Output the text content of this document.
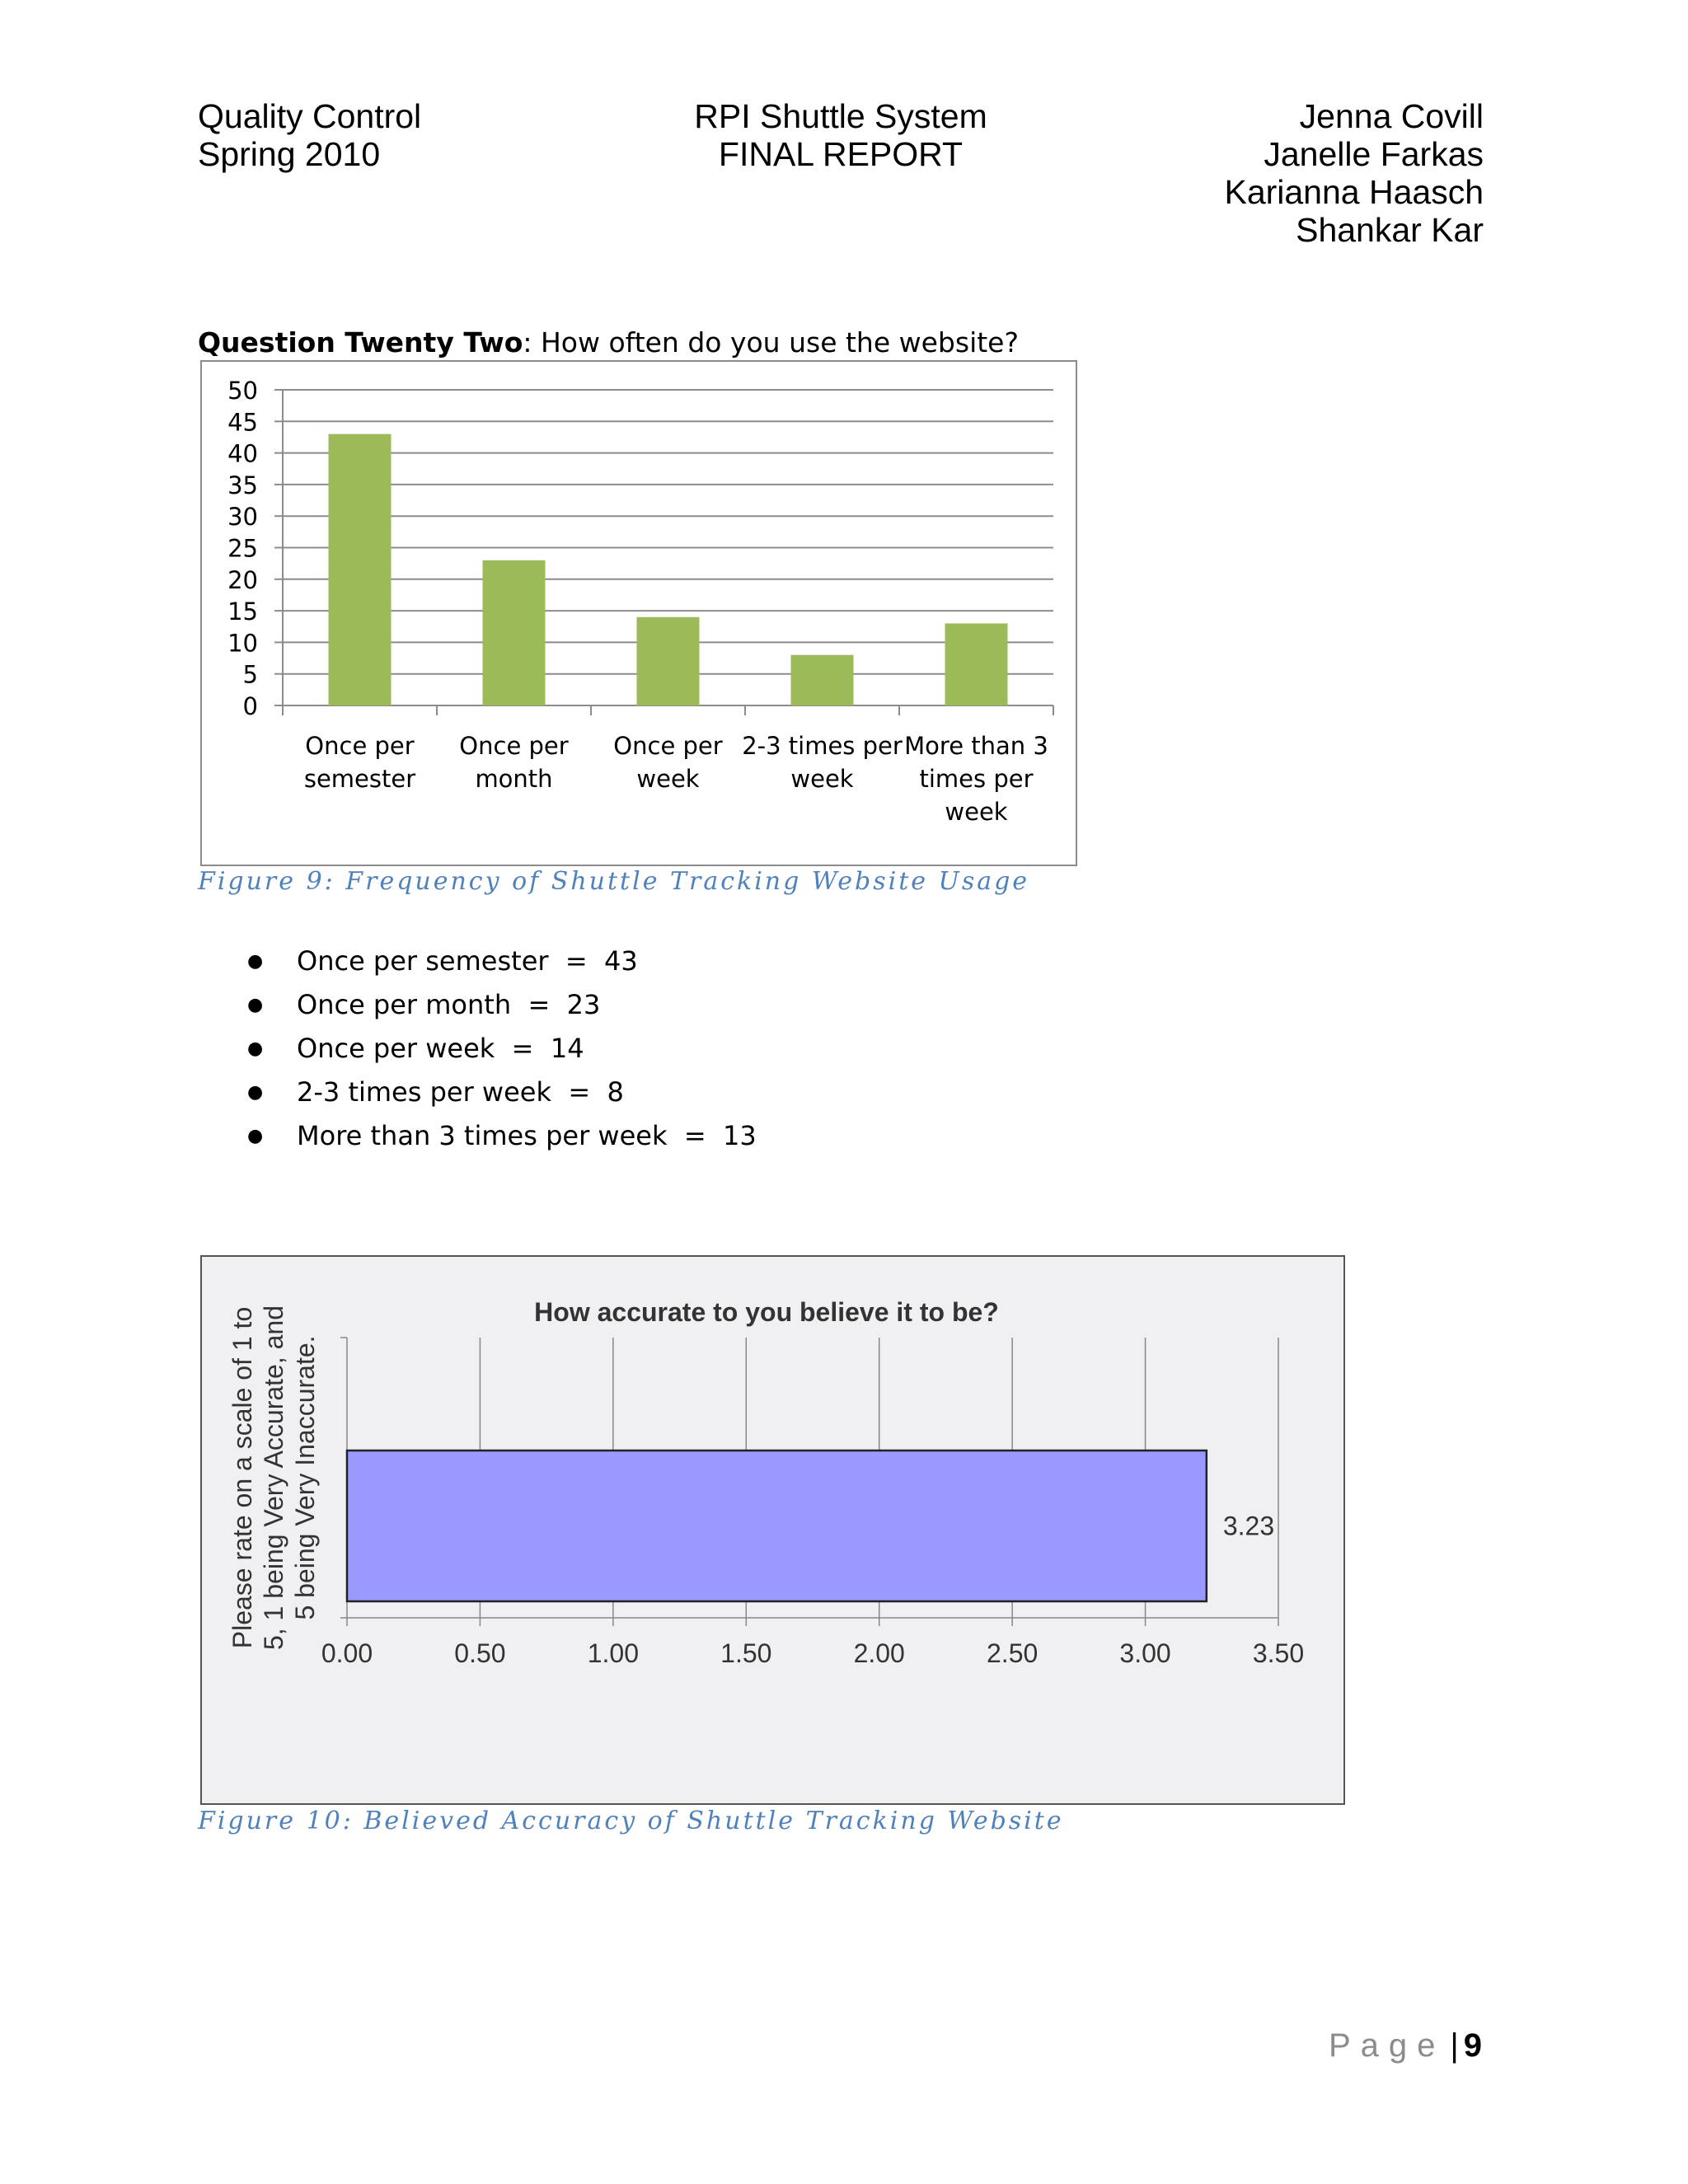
Quality Control
Spring 2010
RPI Shuttle System
FINAL REPORT
Jenna Covill
Janelle Farkas
Karianna Haasch
Shankar Kar
Question Twenty Two: How often do you use the website?
0
5
10
15
20
25
30
35
40
45
50
Once per
semester
Once per
month
Once per
week
2-3 times per
week
More than 3
times per
week
Figure 9: Frequency of Shuttle Tracking Website Usage
● Once per semester  =  43
● Once per month  =  23
● Once per week  =  14
● 2-3 times per week  =  8
● More than 3 times per week  =  13
How accurate to you believe it to be?
0.00	0.50	1.00	1.50	2.00	2.50	3.00	3.50
3.23
Please rate on a scale of 1 to 5, 1 being Very Accurate, and 5 being Very Inaccurate.
Figure 10: Believed Accuracy of Shuttle Tracking Website
Page | 9
